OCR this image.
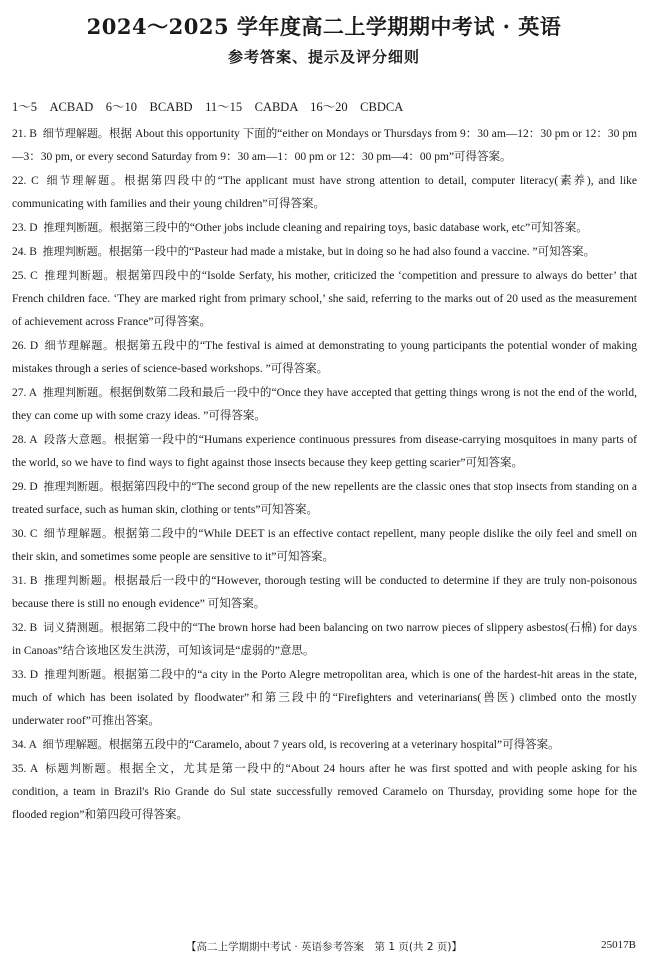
2024～2025 学年度高二上学期期中考试 · 英语
参考答案、提示及评分细则
1～5　ACBAD　6～10　BCABD　11～15　CABDA　16～20　CBDCA

21. B  细节理解题。根据 About this opportunity 下面的“either on Mondays or Thursdays from 9：30 am—12：30 pm or 12：30 pm—3：30 pm, or every second Saturday from 9：30 am—1：00 pm or 12：30 pm—4：00 pm”可得答案。

22. C  细节理解题。根据第四段中的“The applicant must have strong attention to detail, computer literacy(素养), and like communicating with families and their young children”可得答案。

23. D  推理判断题。根据第三段中的“Other jobs include cleaning and repairing toys, basic database work, etc”可知答案。

24. B  推理判断题。根据第一段中的“Pasteur had made a mistake, but in doing so he had also found a vaccine. ”可知答案。

25. C  推理判断题。根据第四段中的“Isolde Serfaty, his mother, criticized the ‘competition and pressure to always do better’ that French children face. ‘They are marked right from primary school,’ she said, referring to the marks out of 20 used as the measurement of achievement across France”可得答案。

26. D  细节理解题。根据第五段中的“The festival is aimed at demonstrating to young participants the potential wonder of making mistakes through a series of science-based workshops. ”可得答案。

27. A  推理判断题。根据倒数第二段和最后一段中的“Once they have accepted that getting things wrong is not the end of the world, they can come up with some crazy ideas. ”可得答案。

28. A  段落大意题。根据第一段中的“Humans experience continuous pressures from disease-carrying mosquitoes in many parts of the world, so we have to find ways to fight against those insects because they keep getting scarier”可知答案。

29. D  推理判断题。根据第四段中的“The second group of the new repellents are the classic ones that stop insects from standing on a treated surface, such as human skin, clothing or tents”可知答案。

30. C  细节理解题。根据第二段中的“While DEET is an effective contact repellent, many people dislike the oily feel and smell on their skin, and sometimes some people are sensitive to it”可知答案。

31. B  推理判断题。根据最后一段中的“However, thorough testing will be conducted to determine if they are truly non-poisonous because there is still no enough evidence” 可知答案。

32. B  词义猜测题。根据第二段中的“The brown horse had been balancing on two narrow pieces of slippery asbestos(石棉) for days in Canoas”结合该地区发生洪涝，可知该词是“虚弱的”意思。

33. D  推理判断题。根据第二段中的“a city in the Porto Alegre metropolitan area, which is one of the hardest-hit areas in the state, much of which has been isolated by floodwater”和第三段中的“Firefighters and veterinarians(兽医) climbed onto the mostly underwater roof”可推出答案。

34. A  细节理解题。根据第五段中的“Caramelo, about 7 years old, is recovering at a veterinary hospital”可得答案。

35. A  标题判断题。根据全文，尤其是第一段中的“About 24 hours after he was first spotted and with people asking for his condition, a team in Brazil's Rio Grande do Sul state successfully removed Caramelo on Thursday, providing some hope for the flooded region”和第四段可得答案。

【高二上学期期中考试 · 英语参考答案　第 1 页(共 2 页)】	25017B
